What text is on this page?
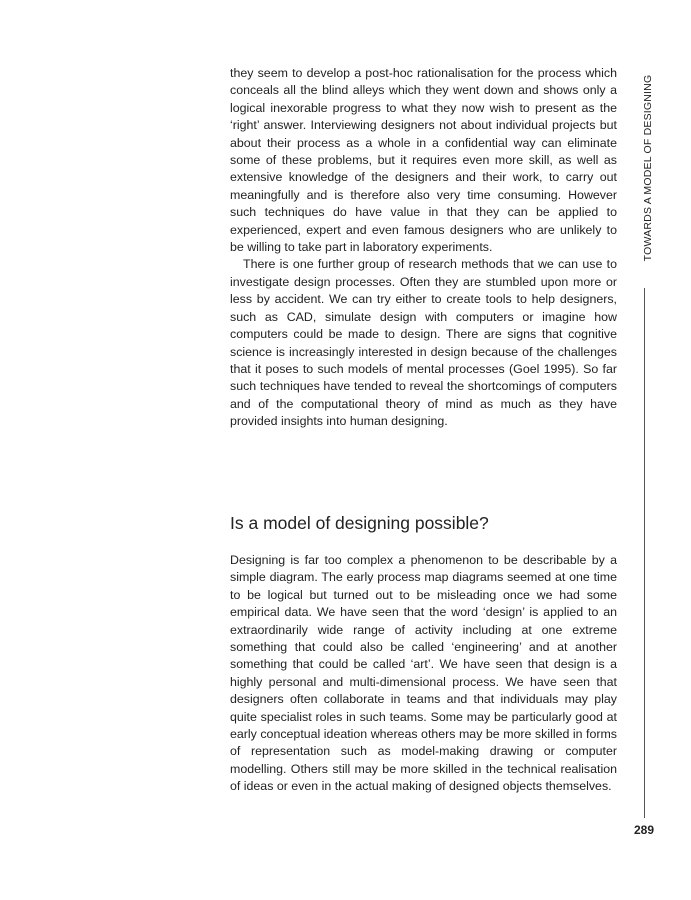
they seem to develop a post-hoc rationalisation for the process which conceals all the blind alleys which they went down and shows only a logical inexorable progress to what they now wish to present as the ‘right’ answer. Interviewing designers not about individual projects but about their process as a whole in a confidential way can eliminate some of these problems, but it requires even more skill, as well as extensive knowledge of the designers and their work, to carry out meaningfully and is therefore also very time consuming. However such techniques do have value in that they can be applied to experienced, expert and even famous designers who are unlikely to be willing to take part in laboratory experiments.

There is one further group of research methods that we can use to investigate design processes. Often they are stumbled upon more or less by accident. We can try either to create tools to help designers, such as CAD, simulate design with computers or imagine how computers could be made to design. There are signs that cognitive science is increasingly interested in design because of the challenges that it poses to such models of mental processes (Goel 1995). So far such techniques have tended to reveal the shortcomings of computers and of the computational theory of mind as much as they have provided insights into human designing.

Is a model of designing possible?

Designing is far too complex a phenomenon to be describable by a simple diagram. The early process map diagrams seemed at one time to be logical but turned out to be misleading once we had some empirical data. We have seen that the word ‘design’ is applied to an extraordinarily wide range of activity including at one extreme something that could also be called ‘engineering’ and at another something that could be called ‘art’. We have seen that design is a highly personal and multi-dimensional process. We have seen that designers often collaborate in teams and that individuals may play quite specialist roles in such teams. Some may be particularly good at early conceptual ideation whereas others may be more skilled in forms of representation such as model-making drawing or computer modelling. Others still may be more skilled in the technical realisation of ideas or even in the actual making of designed objects themselves.

TOWARDS A MODEL OF DESIGNING
289
